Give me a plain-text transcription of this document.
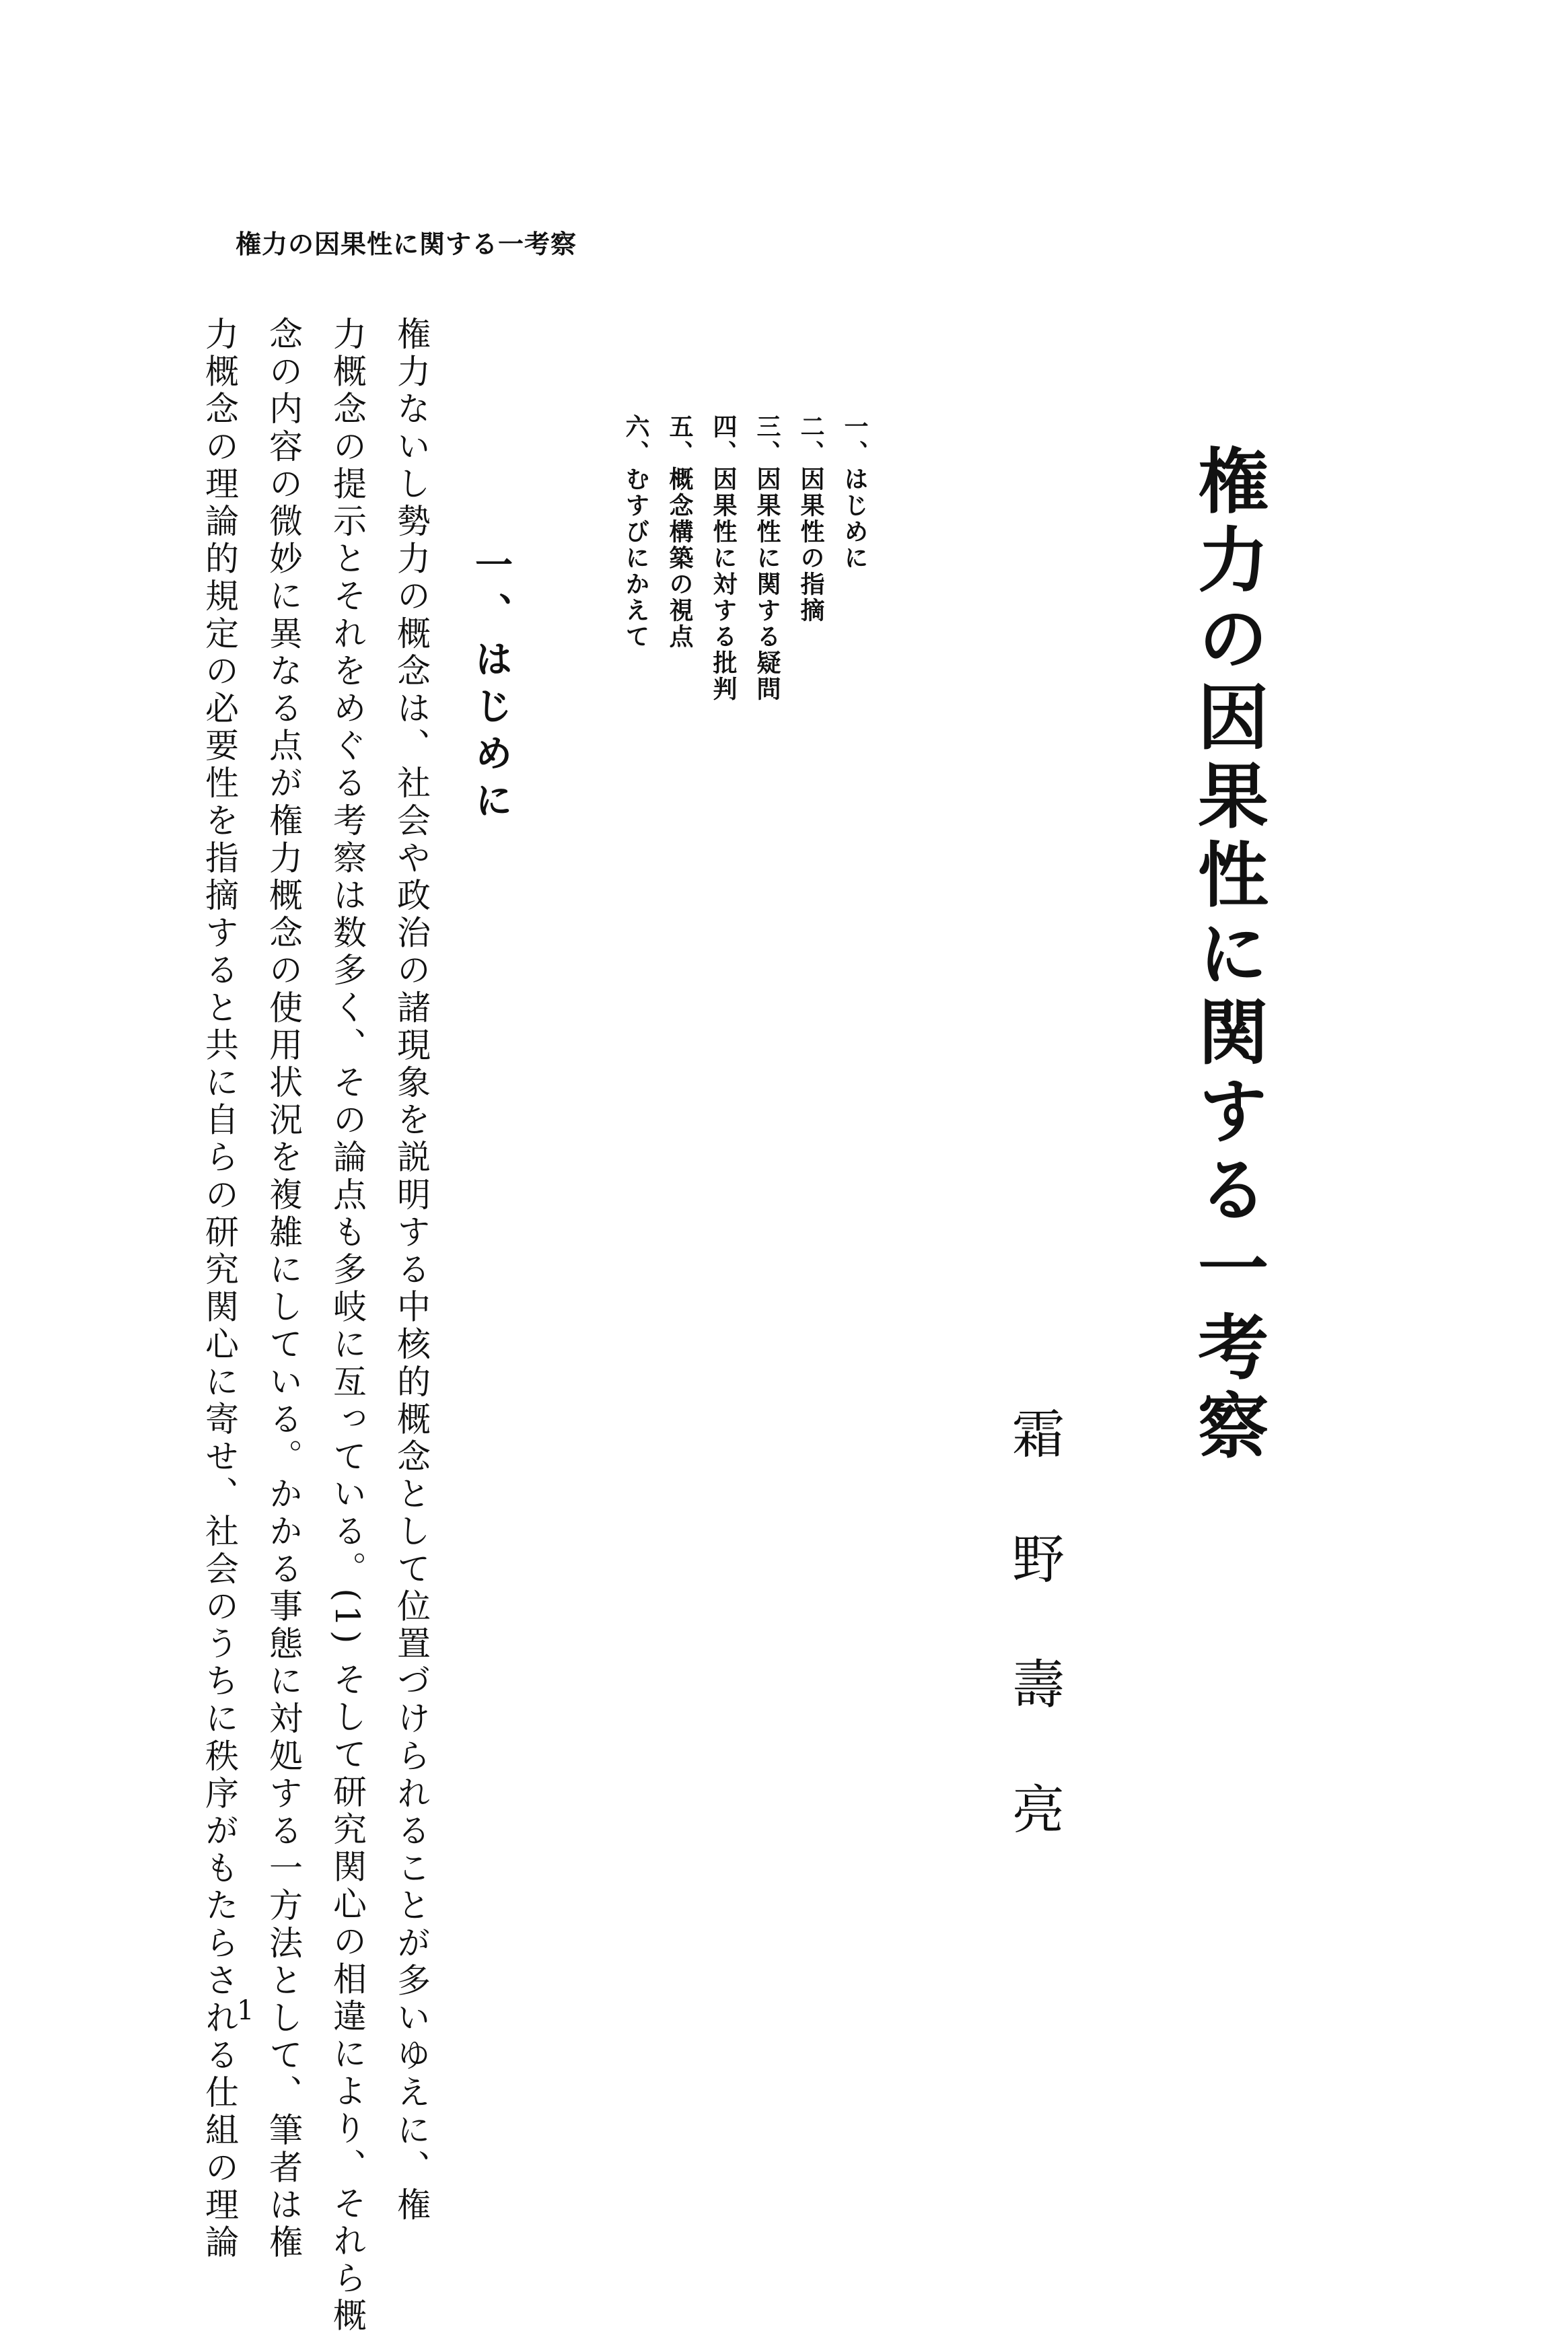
権力の因果性に関する一考察
権力の因果性に関する一考察
霜野壽亮
一、はじめに
二、因果性の指摘
三、因果性に関する疑問
四、因果性に対する批判
五、概念構築の視点
六、むすびにかえて
一、はじめに
権力ないし勢力の概念は、社会や政治の諸現象を説明する中核的概念として位置づけられることが多いゆえに、権
力概念の提示とそれをめぐる考察は数多く、その論点も多岐に亙っている。(1) そして研究関心の相違により、それら概
念の内容の微妙に異なる点が権力概念の使用状況を複雑にしている。かかる事態に対処する一方法として、筆者は権
力概念の理論的規定の必要性を指摘すると共に自らの研究関心に寄せ、社会のうちに秩序がもたらされる仕組の理論
1
